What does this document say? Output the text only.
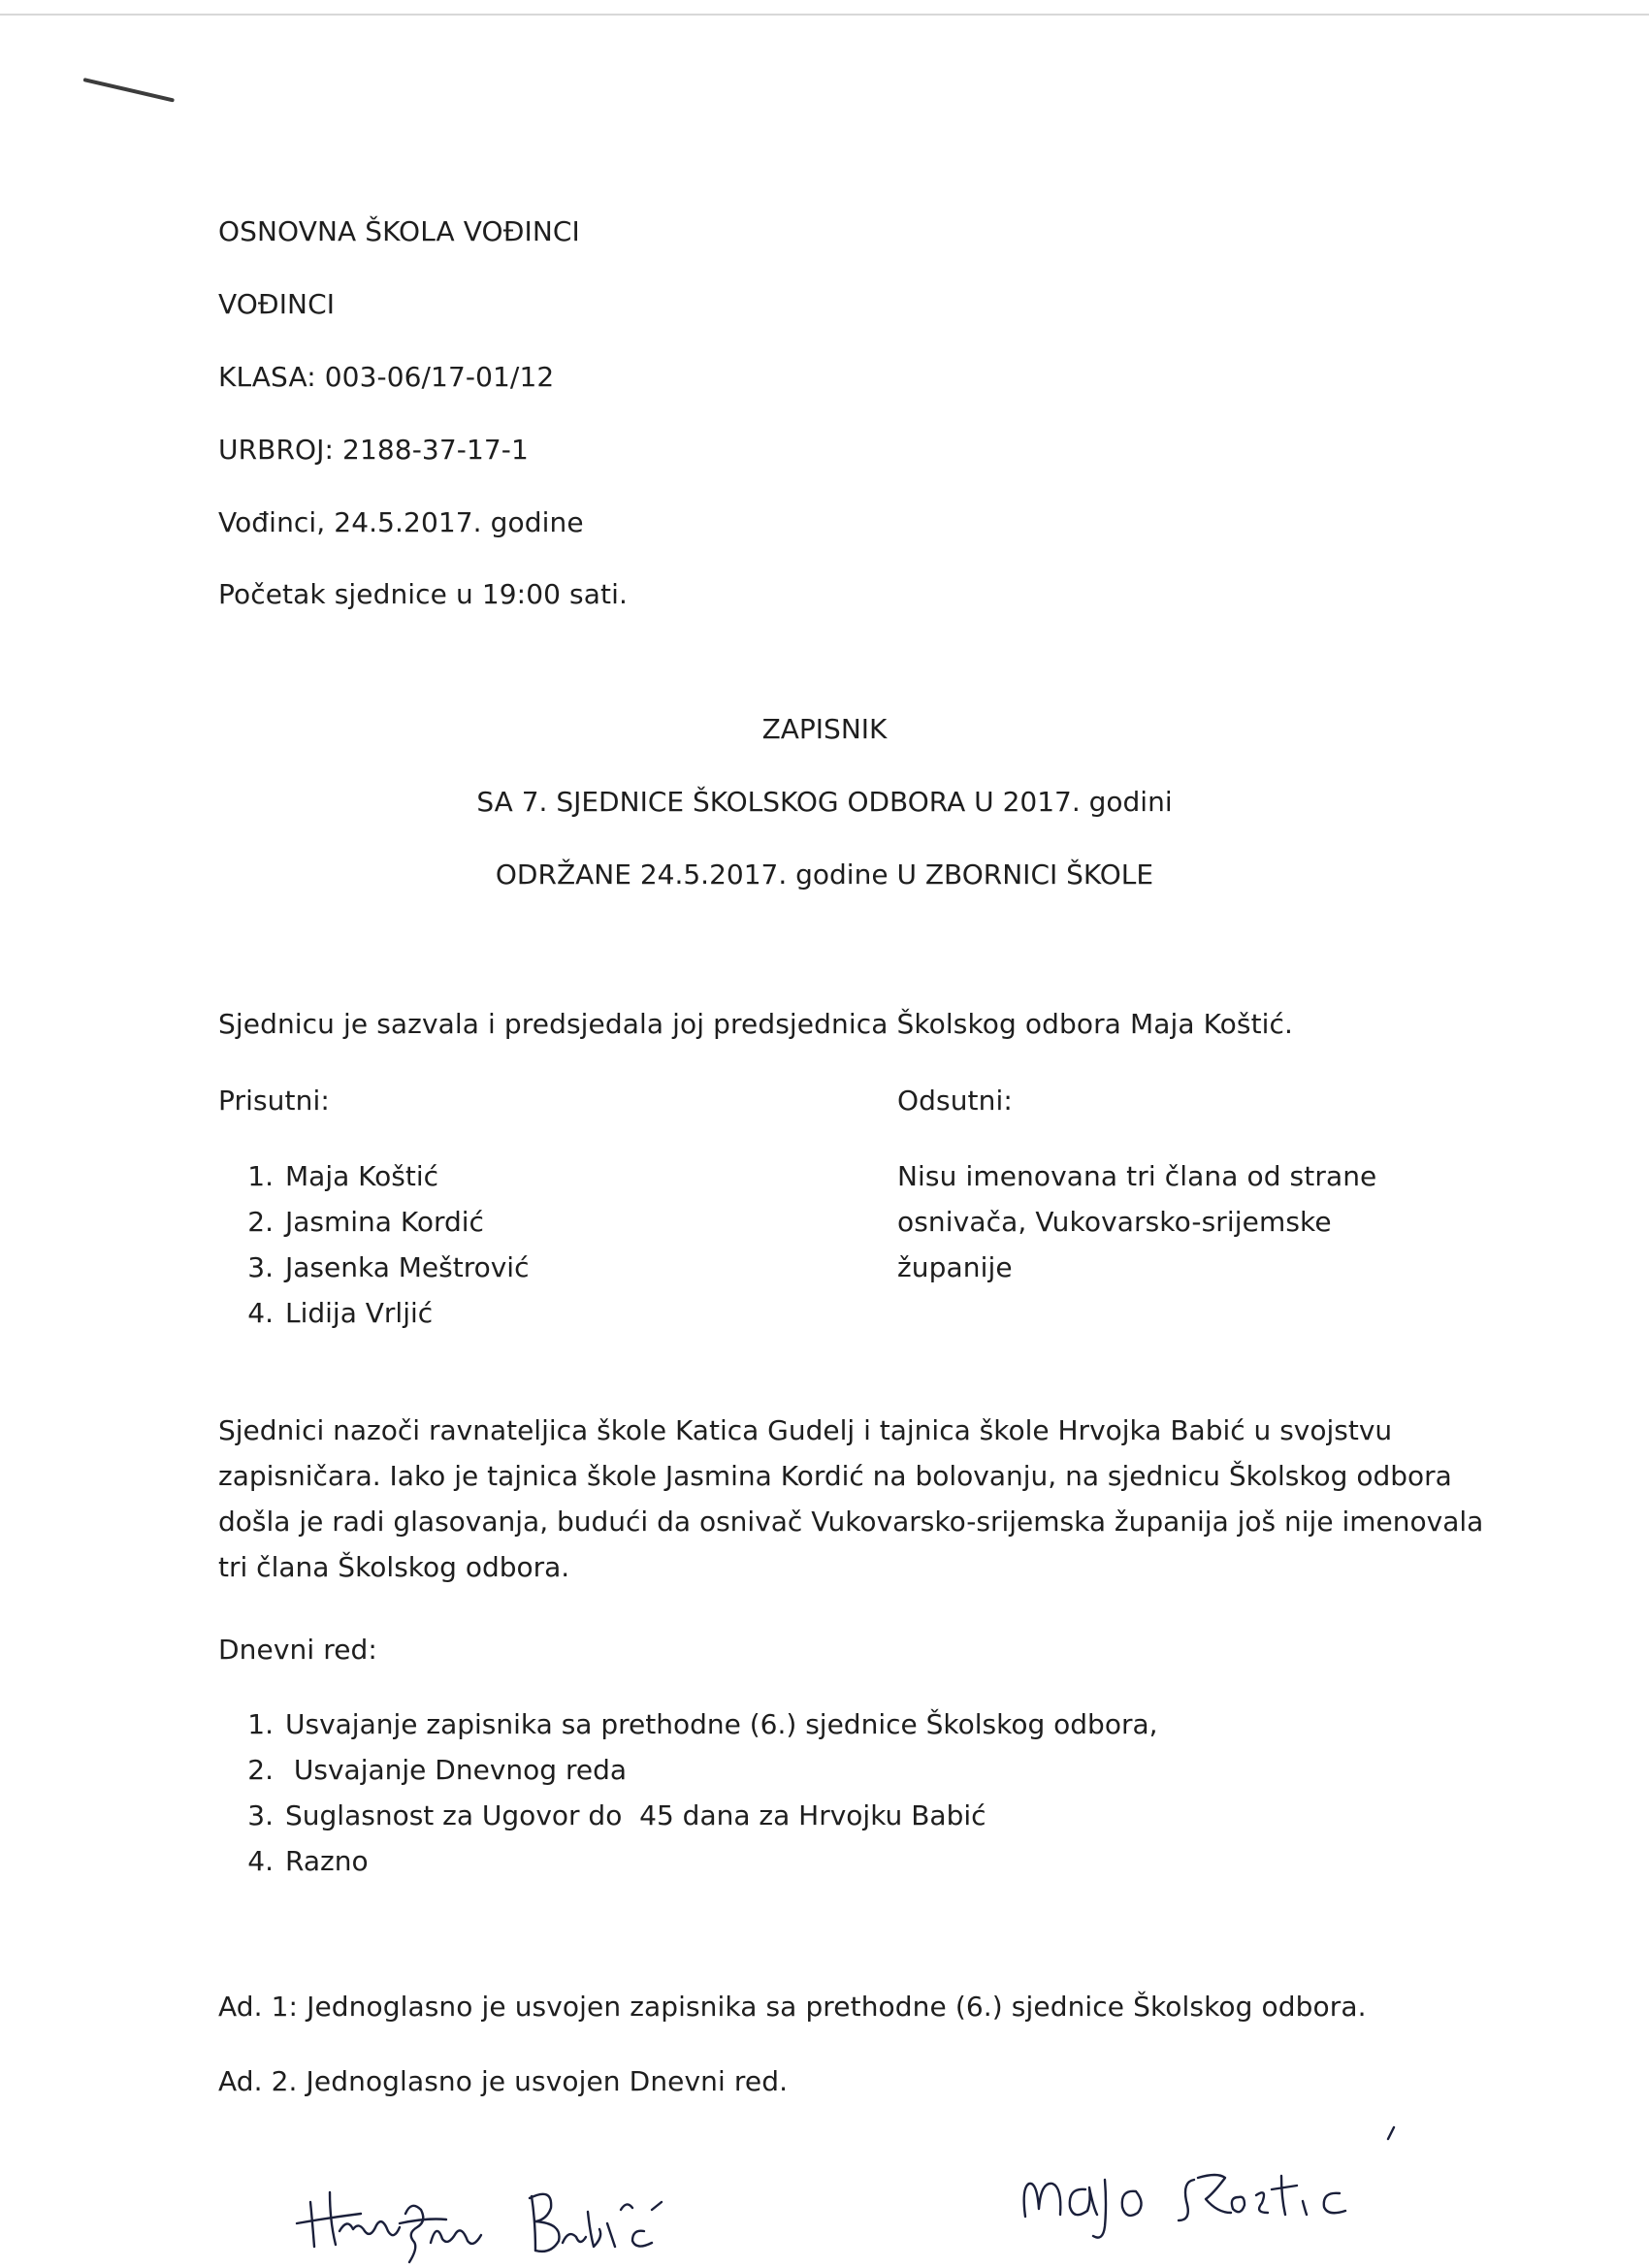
OSNOVNA ŠKOLA VOĐINCI
VOĐINCI
KLASA: 003-06/17-01/12
URBROJ: 2188-37-17-1
Vođinci, 24.5.2017. godine
Početak sjednice u 19:00 sati.
ZAPISNIK
SA 7. SJEDNICE ŠKOLSKOG ODBORA U 2017. godini
ODRŽANE 24.5.2017. godine U ZBORNICI ŠKOLE
Sjednicu je sazvala i predsjedala joj predsjednica Školskog odbora Maja Koštić.
Prisutni:	Odsutni:
1. Maja Koštić
2. Jasmina Kordić
3. Jasenka Meštrović
4. Lidija Vrljić
Nisu imenovana tri člana od strane
osnivača, Vukovarsko-srijemske
županije
Sjednici nazoči ravnateljica škole Katica Gudelj i tajnica škole Hrvojka Babić u svojstvu
zapisničara. Iako je tajnica škole Jasmina Kordić na bolovanju, na sjednicu Školskog odbora
došla je radi glasovanja, budući da osnivač Vukovarsko-srijemska županija još nije imenovala
tri člana Školskog odbora.
Dnevni red:
1. Usvajanje zapisnika sa prethodne (6.) sjednice Školskog odbora,
2. Usvajanje Dnevnog reda
3. Suglasnost za Ugovor do  45 dana za Hrvojku Babić
4. Razno
Ad. 1: Jednoglasno je usvojen zapisnika sa prethodne (6.) sjednice Školskog odbora.
Ad. 2. Jednoglasno je usvojen Dnevni red.
